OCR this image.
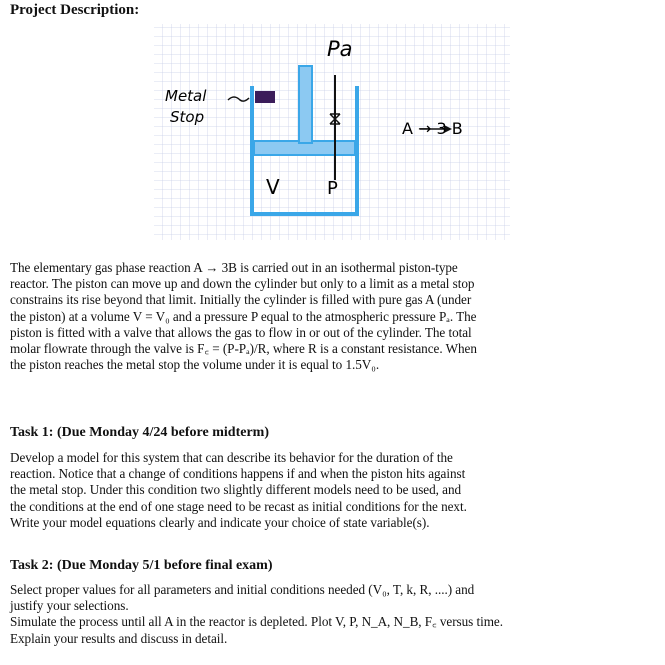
Project Description:
Pa
Metal
Stop
A → 3 B
V	P
The elementary gas phase reaction A → 3B is carried out in an isothermal piston-type
reactor. The piston can move up and down the cylinder but only to a limit as a metal stop
constrains its rise beyond that limit. Initially the cylinder is filled with pure gas A (under
the piston) at a volume V = V₀ and a pressure P equal to the atmospheric pressure Pₐ. The
piston is fitted with a valve that allows the gas to flow in or out of the cylinder. The total
molar flowrate through the valve is F꜀ = (P-Pₐ)/R, where R is a constant resistance. When
the piston reaches the metal stop the volume under it is equal to 1.5V₀.
Task 1: (Due Monday 4/24 before midterm)
Develop a model for this system that can describe its behavior for the duration of the
reaction. Notice that a change of conditions happens if and when the piston hits against
the metal stop. Under this condition two slightly different models need to be used, and
the conditions at the end of one stage need to be recast as initial conditions for the next.
Write your model equations clearly and indicate your choice of state variable(s).
Task 2: (Due Monday 5/1 before final exam)
Select proper values for all parameters and initial conditions needed (V₀, T, k, R, ....) and
justify your selections.
Simulate the process until all A in the reactor is depleted. Plot V, P, N_A, N_B, F꜀ versus time.
Explain your results and discuss in detail.
